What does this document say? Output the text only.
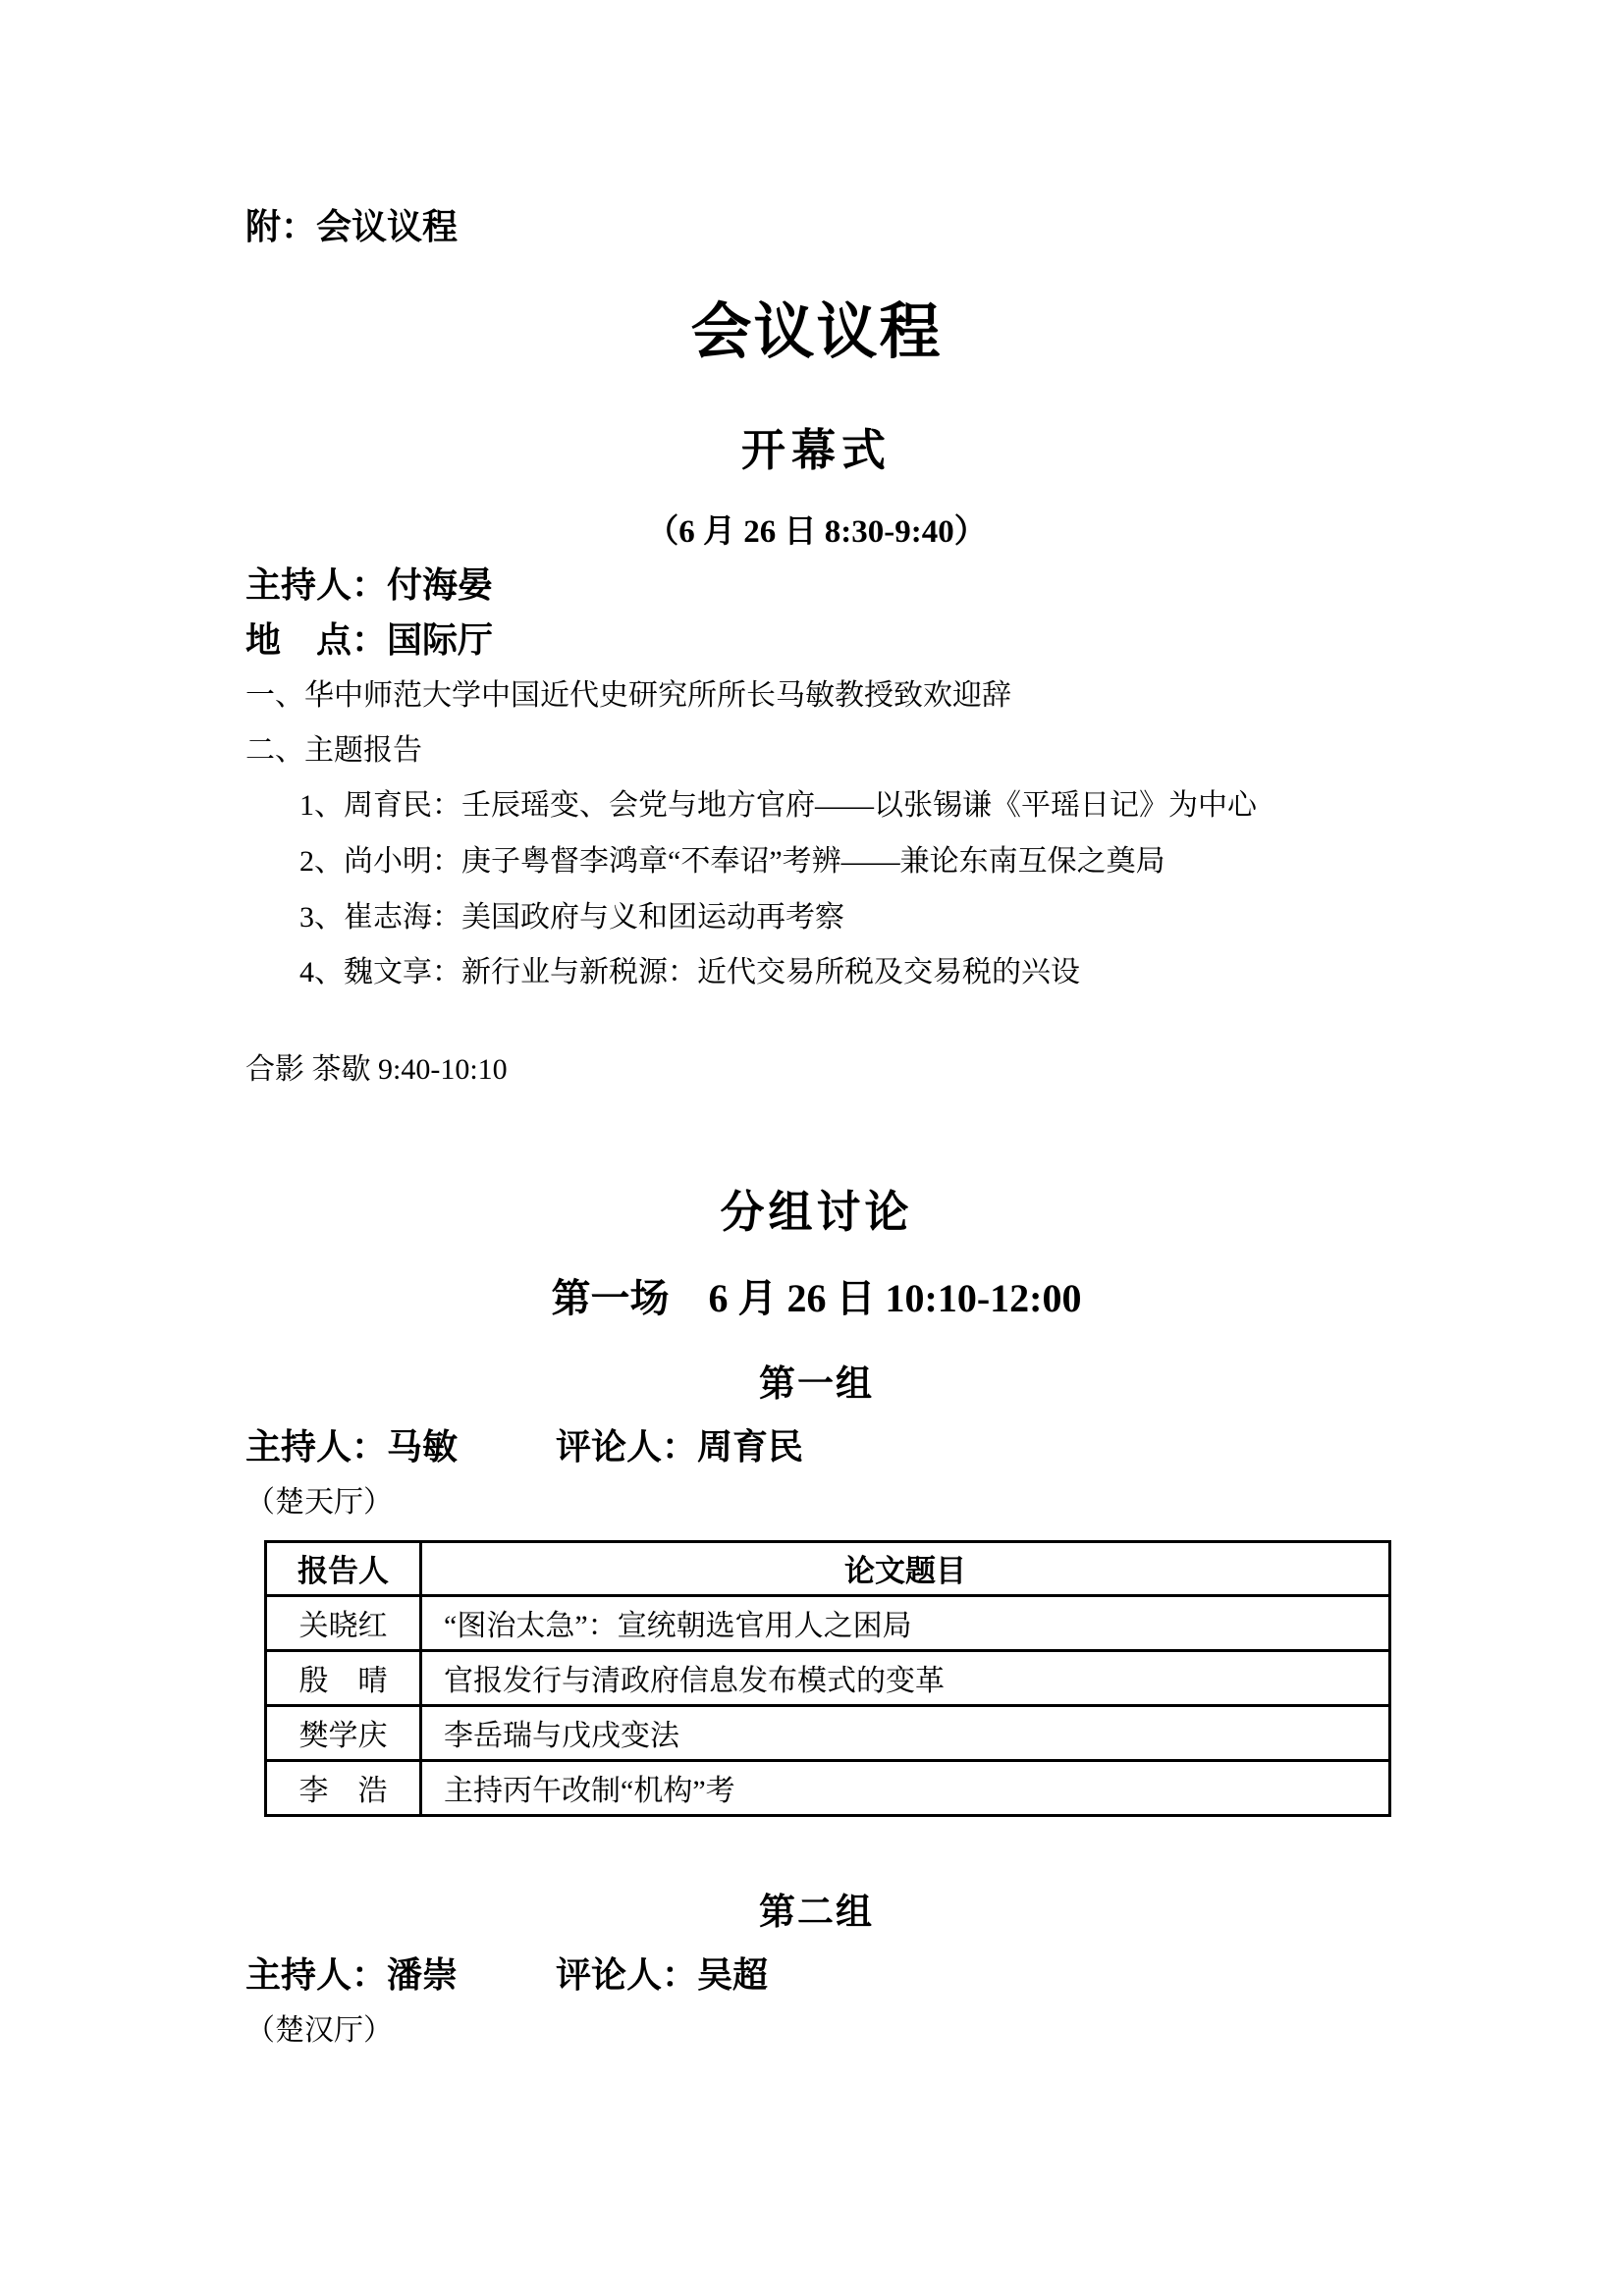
附：会议议程

会议议程
开幕式

（6 月 26 日 8:30-9:40）

主持人：付海晏

地　点：国际厅

一、华中师范大学中国近代史研究所所长马敏教授致欢迎辞

二、主题报告

1、周育民：壬辰瑶变、会党与地方官府——以张锡谦《平瑶日记》为中心

2、尚小明：庚子粤督李鸿章“不奉诏”考辨——兼论东南互保之奠局

3、崔志海：美国政府与义和团运动再考察

4、魏文享：新行业与新税源：近代交易所税及交易税的兴设

合影 茶歇 9:40-10:10

分组讨论
第一场　6 月 26 日 10:10-12:00
第一组

主持人：马敏	评论人：周育民

（楚天厅）

报告人	论文题目
关晓红	“图治太急”：宣统朝选官用人之困局
殷　晴	官报发行与清政府信息发布模式的变革
樊学庆	李岳瑞与戊戌变法
李　浩	主持丙午改制“机构”考
第二组

主持人：潘崇	评论人：吴超

（楚汉厅）
